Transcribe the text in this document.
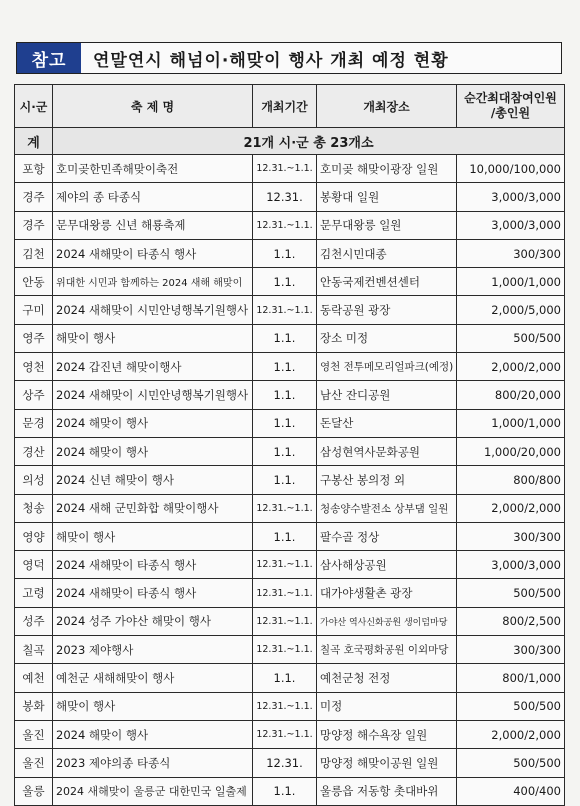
참고	연말연시 해넘이·해맞이 행사 개최 예정 현황
시·군	축 제 명	개최기간	개최장소	순간최대참여인원
/총인원

계	21개 시·군 총 23개소			
포항	호미곶한민족해맞이축전	12.31.~1.1.	호미곶 해맞이광장 일원	10,000/100,000
경주	제야의 종 타종식	12.31.	봉황대 일원	3,000/3,000
경주	문무대왕릉 신년 해룡축제	12.31.~1.1.	문무대왕릉 일원	3,000/3,000
김천	2024 새해맞이 타종식 행사	1.1.	김천시민대종	300/300
안동	위대한 시민과 함께하는 2024 새해 해맞이	1.1.	안동국제컨벤션센터	1,000/1,000
구미	2024 새해맞이 시민안녕행복기원행사	12.31.~1.1.	동락공원 광장	2,000/5,000
영주	해맞이 행사	1.1.	장소 미정	500/500
영천	2024 갑진년 해맞이행사	1.1.	영천 전투메모리얼파크(예정)	2,000/2,000
상주	2024 새해맞이 시민안녕행복기원행사	1.1.	남산 잔디공원	800/20,000
문경	2024 해맞이 행사	1.1.	돈달산	1,000/1,000
경산	2024 해맞이 행사	1.1.	삼성현역사문화공원	1,000/20,000
의성	2024 신년 해맞이 행사	1.1.	구봉산 봉의정 외	800/800
청송	2024 새해 군민화합 해맞이행사	12.31.~1.1.	청송양수발전소 상부댐 일원	2,000/2,000
영양	해맞이 행사	1.1.	팔수골 정상	300/300
영덕	2024 새해맞이 타종식 행사	12.31.~1.1.	삼사해상공원	3,000/3,000
고령	2024 새해맞이 타종식 행사	12.31.~1.1.	대가야생활촌 광장	500/500
성주	2024 성주 가야산 해맞이 행사	12.31.~1.1.	가야산 역사신화공원 생이덤마당	800/2,500
칠곡	2023 제야행사	12.31.~1.1.	칠곡 호국평화공원 이외마당	300/300
예천	예천군 새해해맞이 행사	1.1.	예천군청 전정	800/1,000
봉화	해맞이 행사	12.31.~1.1.	미정	500/500
울진	2024 해맞이 행사	12.31.~1.1.	망양정 해수욕장 일원	2,000/2,000
울진	2023 제야의종 타종식	12.31.	망양정 해맞이공원 일원	500/500
울릉	2024 새해맞이 울릉군 대한민국 일출제	1.1.	울릉읍 저동항 촛대바위	400/400
